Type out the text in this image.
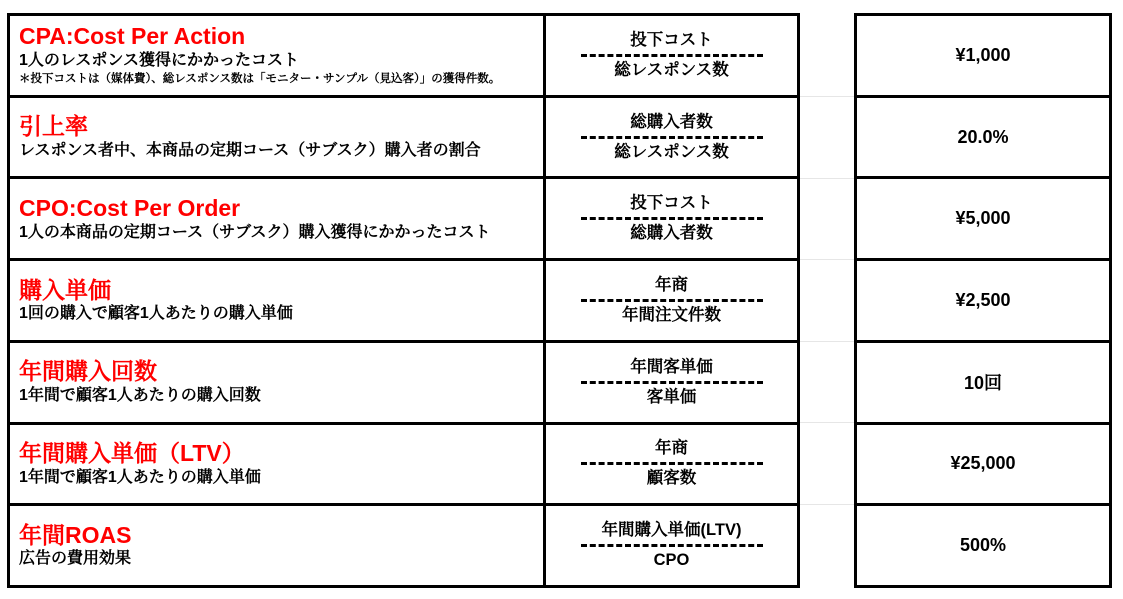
CPA:Cost Per Action
1人のレスポンス獲得にかかったコスト
＊投下コストは（媒体費）、総レスポンス数は「モニター・サンプル（見込客）」の獲得件数。
投下コスト
総レスポンス数
引上率
レスポンス者中、本商品の定期コース（サブスク）購入者の割合
総購入者数
総レスポンス数
CPO:Cost Per Order
1人の本商品の定期コース（サブスク）購入獲得にかかったコスト
投下コスト
総購入者数
購入単価
1回の購入で顧客1人あたりの購入単価
年商
年間注文件数
年間購入回数
1年間で顧客1人あたりの購入回数
年間客単価
客単価
年間購入単価（LTV）
1年間で顧客1人あたりの購入単価
年商
顧客数
年間ROAS
広告の費用効果
年間購入単価(LTV)
CPO
¥1,000
20.0%
¥5,000
¥2,500
10回
¥25,000
500%
